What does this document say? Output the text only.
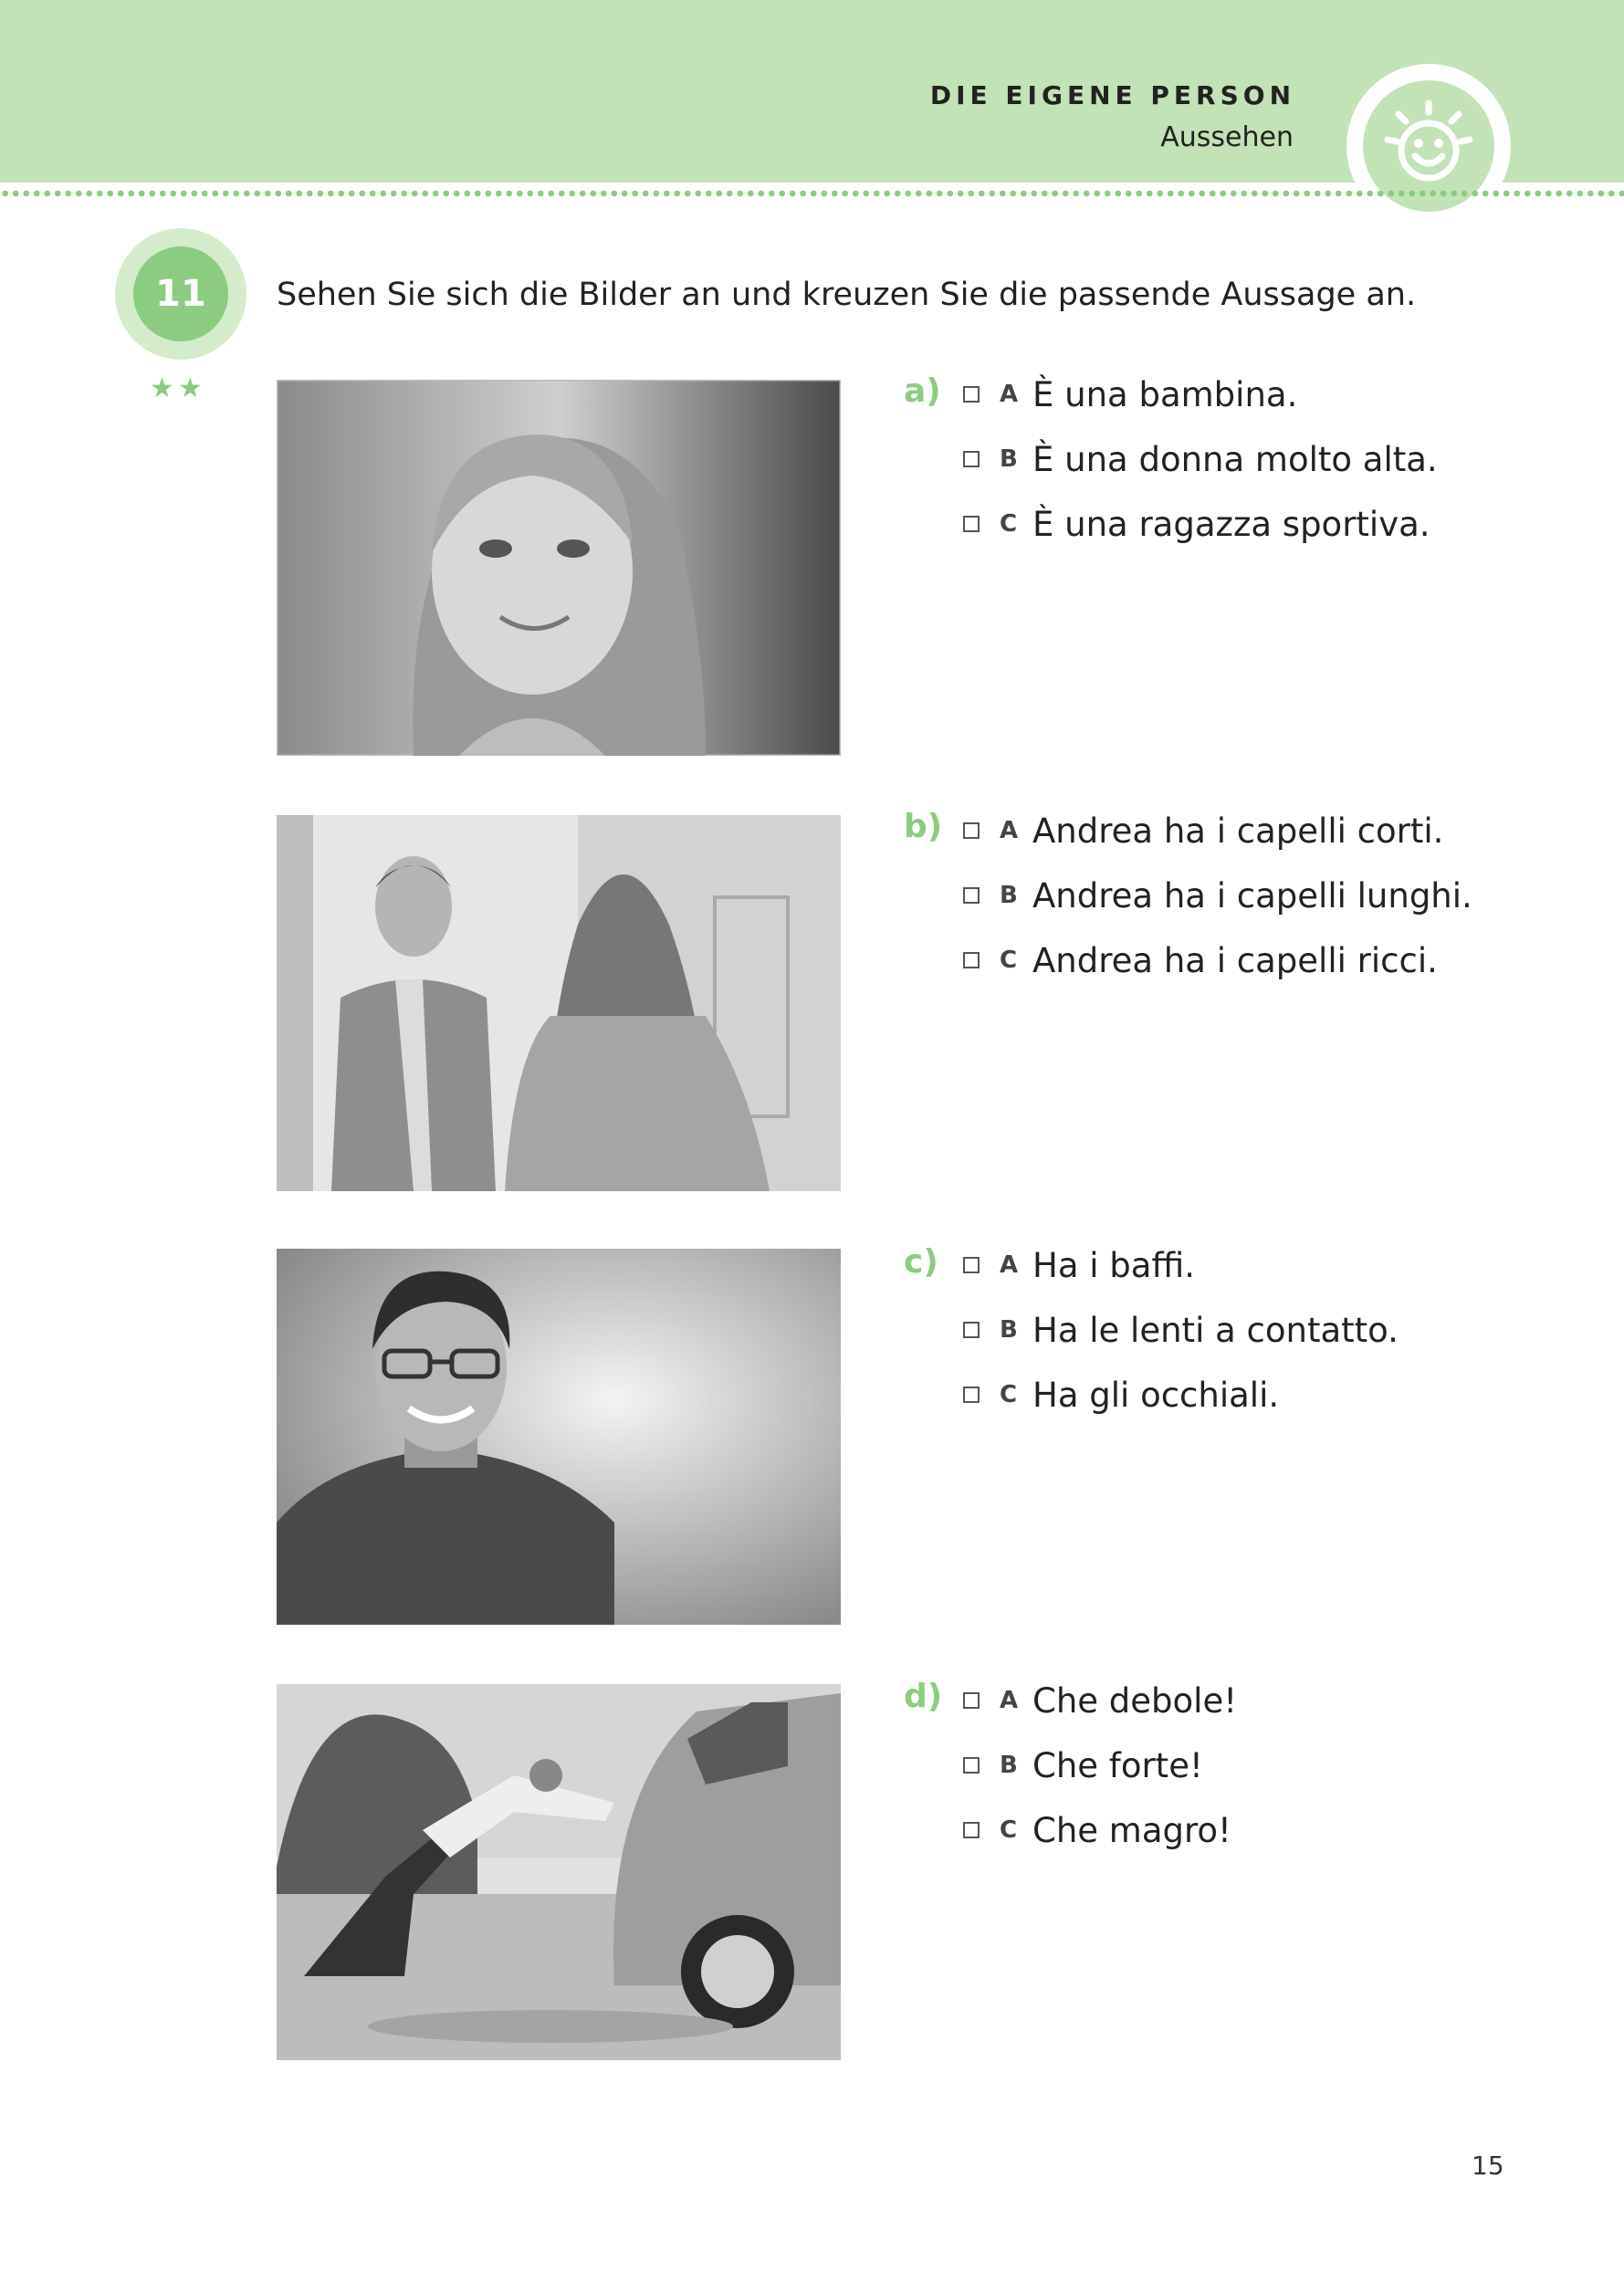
DIE EIGENE PERSON
Aussehen
11
★★
Sehen Sie sich die Bilder an und kreuzen Sie die passende Aussage an.
a) A È una bambina.
B È una donna molto alta.
C È una ragazza sportiva.
b) A Andrea ha i capelli corti.
B Andrea ha i capelli lunghi.
C Andrea ha i capelli ricci.
c)	A Ha i baffi.
B Ha le lenti a contatto.
C Ha gli occhiali.
d) A Che debole!
B Che forte!
C Che magro!
15
